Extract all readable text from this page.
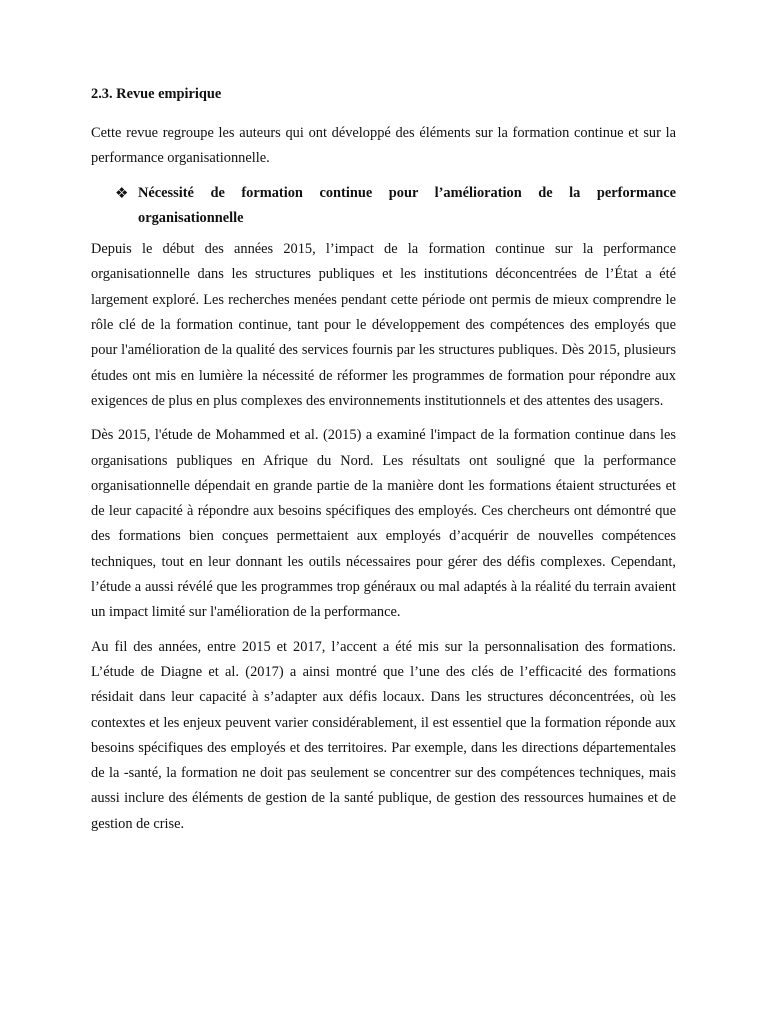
2.3. Revue empirique

Cette revue regroupe les auteurs qui ont développé des éléments sur la formation continue et sur la performance organisationnelle.

❖ Nécessité de formation continue pour l’amélioration de la performance organisationnelle

Depuis le début des années 2015, l’impact de la formation continue sur la performance organisationnelle dans les structures publiques et les institutions déconcentrées de l’État a été largement exploré. Les recherches menées pendant cette période ont permis de mieux comprendre le rôle clé de la formation continue, tant pour le développement des compétences des employés que pour l'amélioration de la qualité des services fournis par les structures publiques. Dès 2015, plusieurs études ont mis en lumière la nécessité de réformer les programmes de formation pour répondre aux exigences de plus en plus complexes des environnements institutionnels et des attentes des usagers.

Dès 2015, l'étude de Mohammed et al. (2015) a examiné l'impact de la formation continue dans les organisations publiques en Afrique du Nord. Les résultats ont souligné que la performance organisationnelle dépendait en grande partie de la manière dont les formations étaient structurées et de leur capacité à répondre aux besoins spécifiques des employés. Ces chercheurs ont démontré que des formations bien conçues permettaient aux employés d’acquérir de nouvelles compétences techniques, tout en leur donnant les outils nécessaires pour gérer des défis complexes. Cependant, l’étude a aussi révélé que les programmes trop généraux ou mal adaptés à la réalité du terrain avaient un impact limité sur l'amélioration de la performance.

Au fil des années, entre 2015 et 2017, l’accent a été mis sur la personnalisation des formations. L’étude de Diagne et al. (2017) a ainsi montré que l’une des clés de l’efficacité des formations résidait dans leur capacité à s’adapter aux défis locaux. Dans les structures déconcentrées, où les contextes et les enjeux peuvent varier considérablement, il est essentiel que la formation réponde aux besoins spécifiques des employés et des territoires. Par exemple, dans les directions départementales de la -santé, la formation ne doit pas seulement se concentrer sur des compétences techniques, mais aussi inclure des éléments de gestion de la santé publique, de gestion des ressources humaines et de gestion de crise.
